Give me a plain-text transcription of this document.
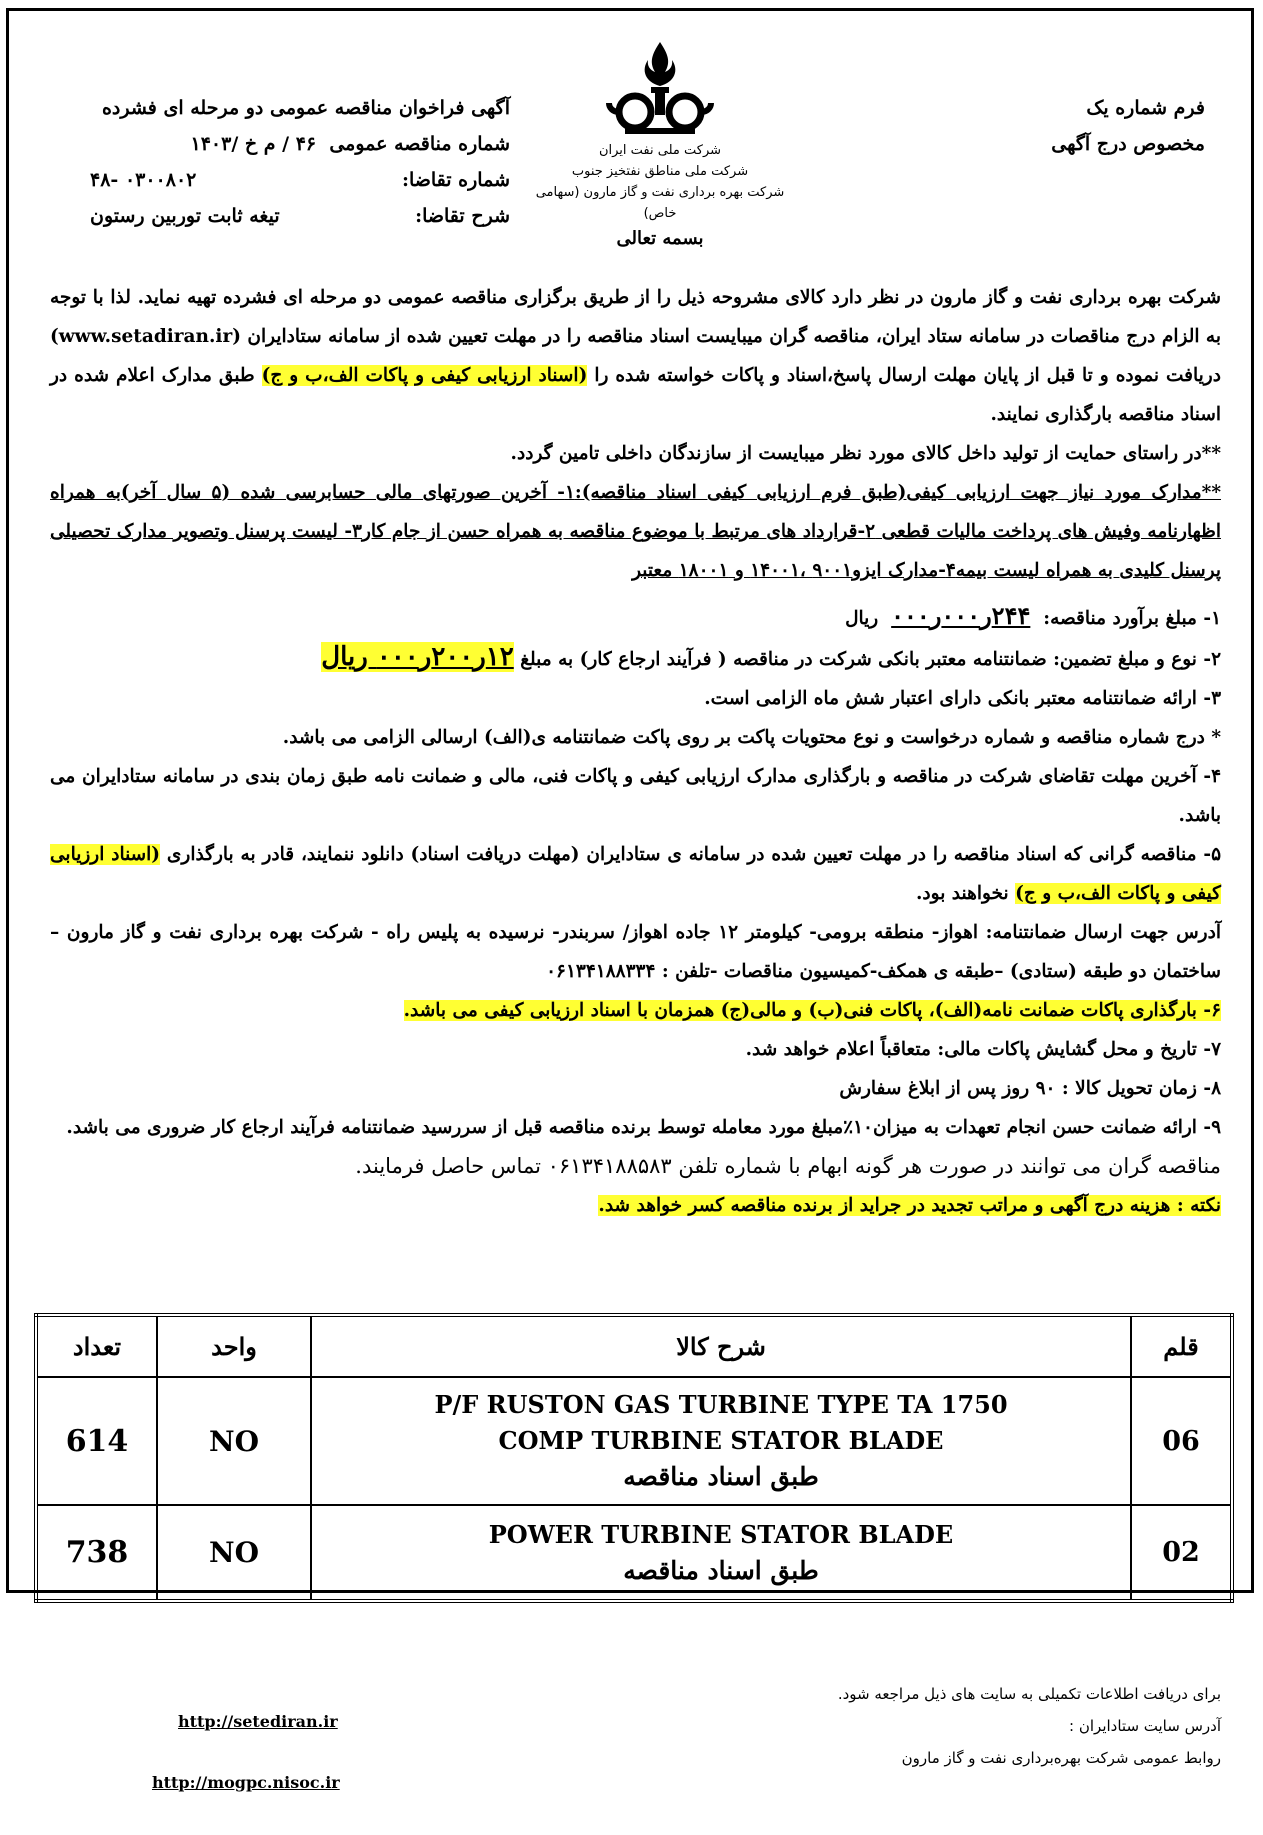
فرم شماره یک
مخصوص درج آگهی
شرکت ملی نفت ایران
شرکت ملی مناطق نفتخیز جنوب
شرکت بهره برداری نفت و گاز مارون (سهامی خاص)
بسمه تعالی
آگهی فراخوان مناقصه عمومی دو مرحله ای فشرده
شماره مناقصه عمومی  ۴۶ / م خ /۱۴۰۳
شماره تقاضا:
۰۳۰۰۸۰۲ -۴۸
شرح تقاضا:
تیغه ثابت توربین رستون

شرکت بهره برداری نفت و گاز مارون در نظر دارد کالای مشروحه ذیل را از طریق برگزاری مناقصه عمومی دو مرحله ای فشرده تهیه نماید. لذا با توجه به الزام درج مناقصات در سامانه ستاد ایران، مناقصه گران میبایست اسناد مناقصه را در مهلت تعیین شده از سامانه ستادایران (www.setadiran.ir) دریافت نموده و تا قبل از پایان مهلت ارسال پاسخ،اسناد و پاکات خواسته شده را (اسناد ارزیابی کیفی و پاکات الف،ب و ج) طبق مدارک اعلام شده در اسناد مناقصه بارگذاری نمایند.

**در راستای حمایت از تولید داخل کالای مورد نظر میبایست از سازندگان داخلی تامین گردد.

**مدارک مورد نیاز جهت ارزیابی کیفی(طبق فرم ارزیابی کیفی اسناد مناقصه):۱- آخرین صورتهای مالی حسابرسی شده (۵ سال آخر)به همراه اظهارنامه وفیش های پرداخت مالیات قطعی ۲-قرارداد های مرتبط با موضوع مناقصه به همراه حسن از جام کار۳- لیست پرسنل وتصویر مدارک تحصیلی پرسنل کلیدی به همراه لیست بیمه۴-مدارک ایزو۹۰۰۱ ،۱۴۰۰۱ و ۱۸۰۰۱ معتبر

۱- مبلغ برآورد مناقصه:  ۲۴۴ر۰۰۰ر۰۰۰  ریال

۲- نوع و مبلغ تضمین: ضمانتنامه معتبر بانکی شرکت در مناقصه ( فرآیند ارجاع کار) به مبلغ ۱۲ر۲۰۰ر۰۰۰ ریال

۳- ارائه ضمانتنامه معتبر بانکی دارای اعتبار شش ماه الزامی است.

* درج شماره مناقصه و شماره درخواست و نوع محتویات پاکت بر روی پاکت ضمانتنامه ی(الف) ارسالی الزامی می باشد.

۴- آخرین مهلت تقاضای شرکت در مناقصه و بارگذاری مدارک ارزیابی کیفی و پاکات فنی، مالی و ضمانت نامه طبق زمان بندی در سامانه ستادایران می باشد.

۵- مناقصه گرانی که اسناد مناقصه را در مهلت تعیین شده در سامانه ی ستادایران (مهلت دریافت اسناد) دانلود ننمایند، قادر به بارگذاری (اسناد ارزیابی کیفی و پاکات الف،ب و ج) نخواهند بود.

آدرس جهت ارسال ضمانتنامه: اهواز- منطقه برومی- کیلومتر ۱۲ جاده اهواز/ سربندر- نرسیده به پلیس راه - شرکت بهره برداری نفت و گاز مارون –ساختمان دو طبقه (ستادی) –طبقه ی همکف-کمیسیون مناقصات -تلفن : ۰۶۱۳۴۱۸۸۳۳۴

۶- بارگذاری پاکات ضمانت نامه(الف)، پاکات فنی(ب) و مالی(ج) همزمان با اسناد ارزیابی کیفی می باشد.

۷- تاریخ و محل گشایش پاکات مالی: متعاقباً اعلام خواهد شد.

۸- زمان تحویل کالا : ۹۰ روز پس از ابلاغ سفارش

۹- ارائه ضمانت حسن انجام تعهدات به میزان۱۰٪مبلغ مورد معامله توسط برنده مناقصه قبل از سررسید ضمانتنامه فرآیند ارجاع کار ضروری می باشد.

مناقصه گران می توانند در صورت هر گونه ابهام با شماره تلفن ۰۶۱۳۴۱۸۸۵۸۳ تماس حاصل فرمایند.

نکته : هزینه درج آگهی و مراتب تجدید در جراید از برنده مناقصه کسر خواهد شد.

قلم	شرح کالا	واحد	تعداد
06	P/F RUSTON GAS TURBINE TYPE TA 1750
COMP TURBINE STATOR BLADE
طبق اسناد مناقصه	NO	614
02	POWER TURBINE STATOR BLADE
طبق اسناد مناقصه	NO	738
برای دریافت اطلاعات تکمیلی به سایت های ذیل مراجعه شود.
آدرس سایت ستادایران :
روابط عمومی شرکت بهره‌برداری نفت و گاز مارون
http://setediran.ir
http://mogpc.nisoc.ir
